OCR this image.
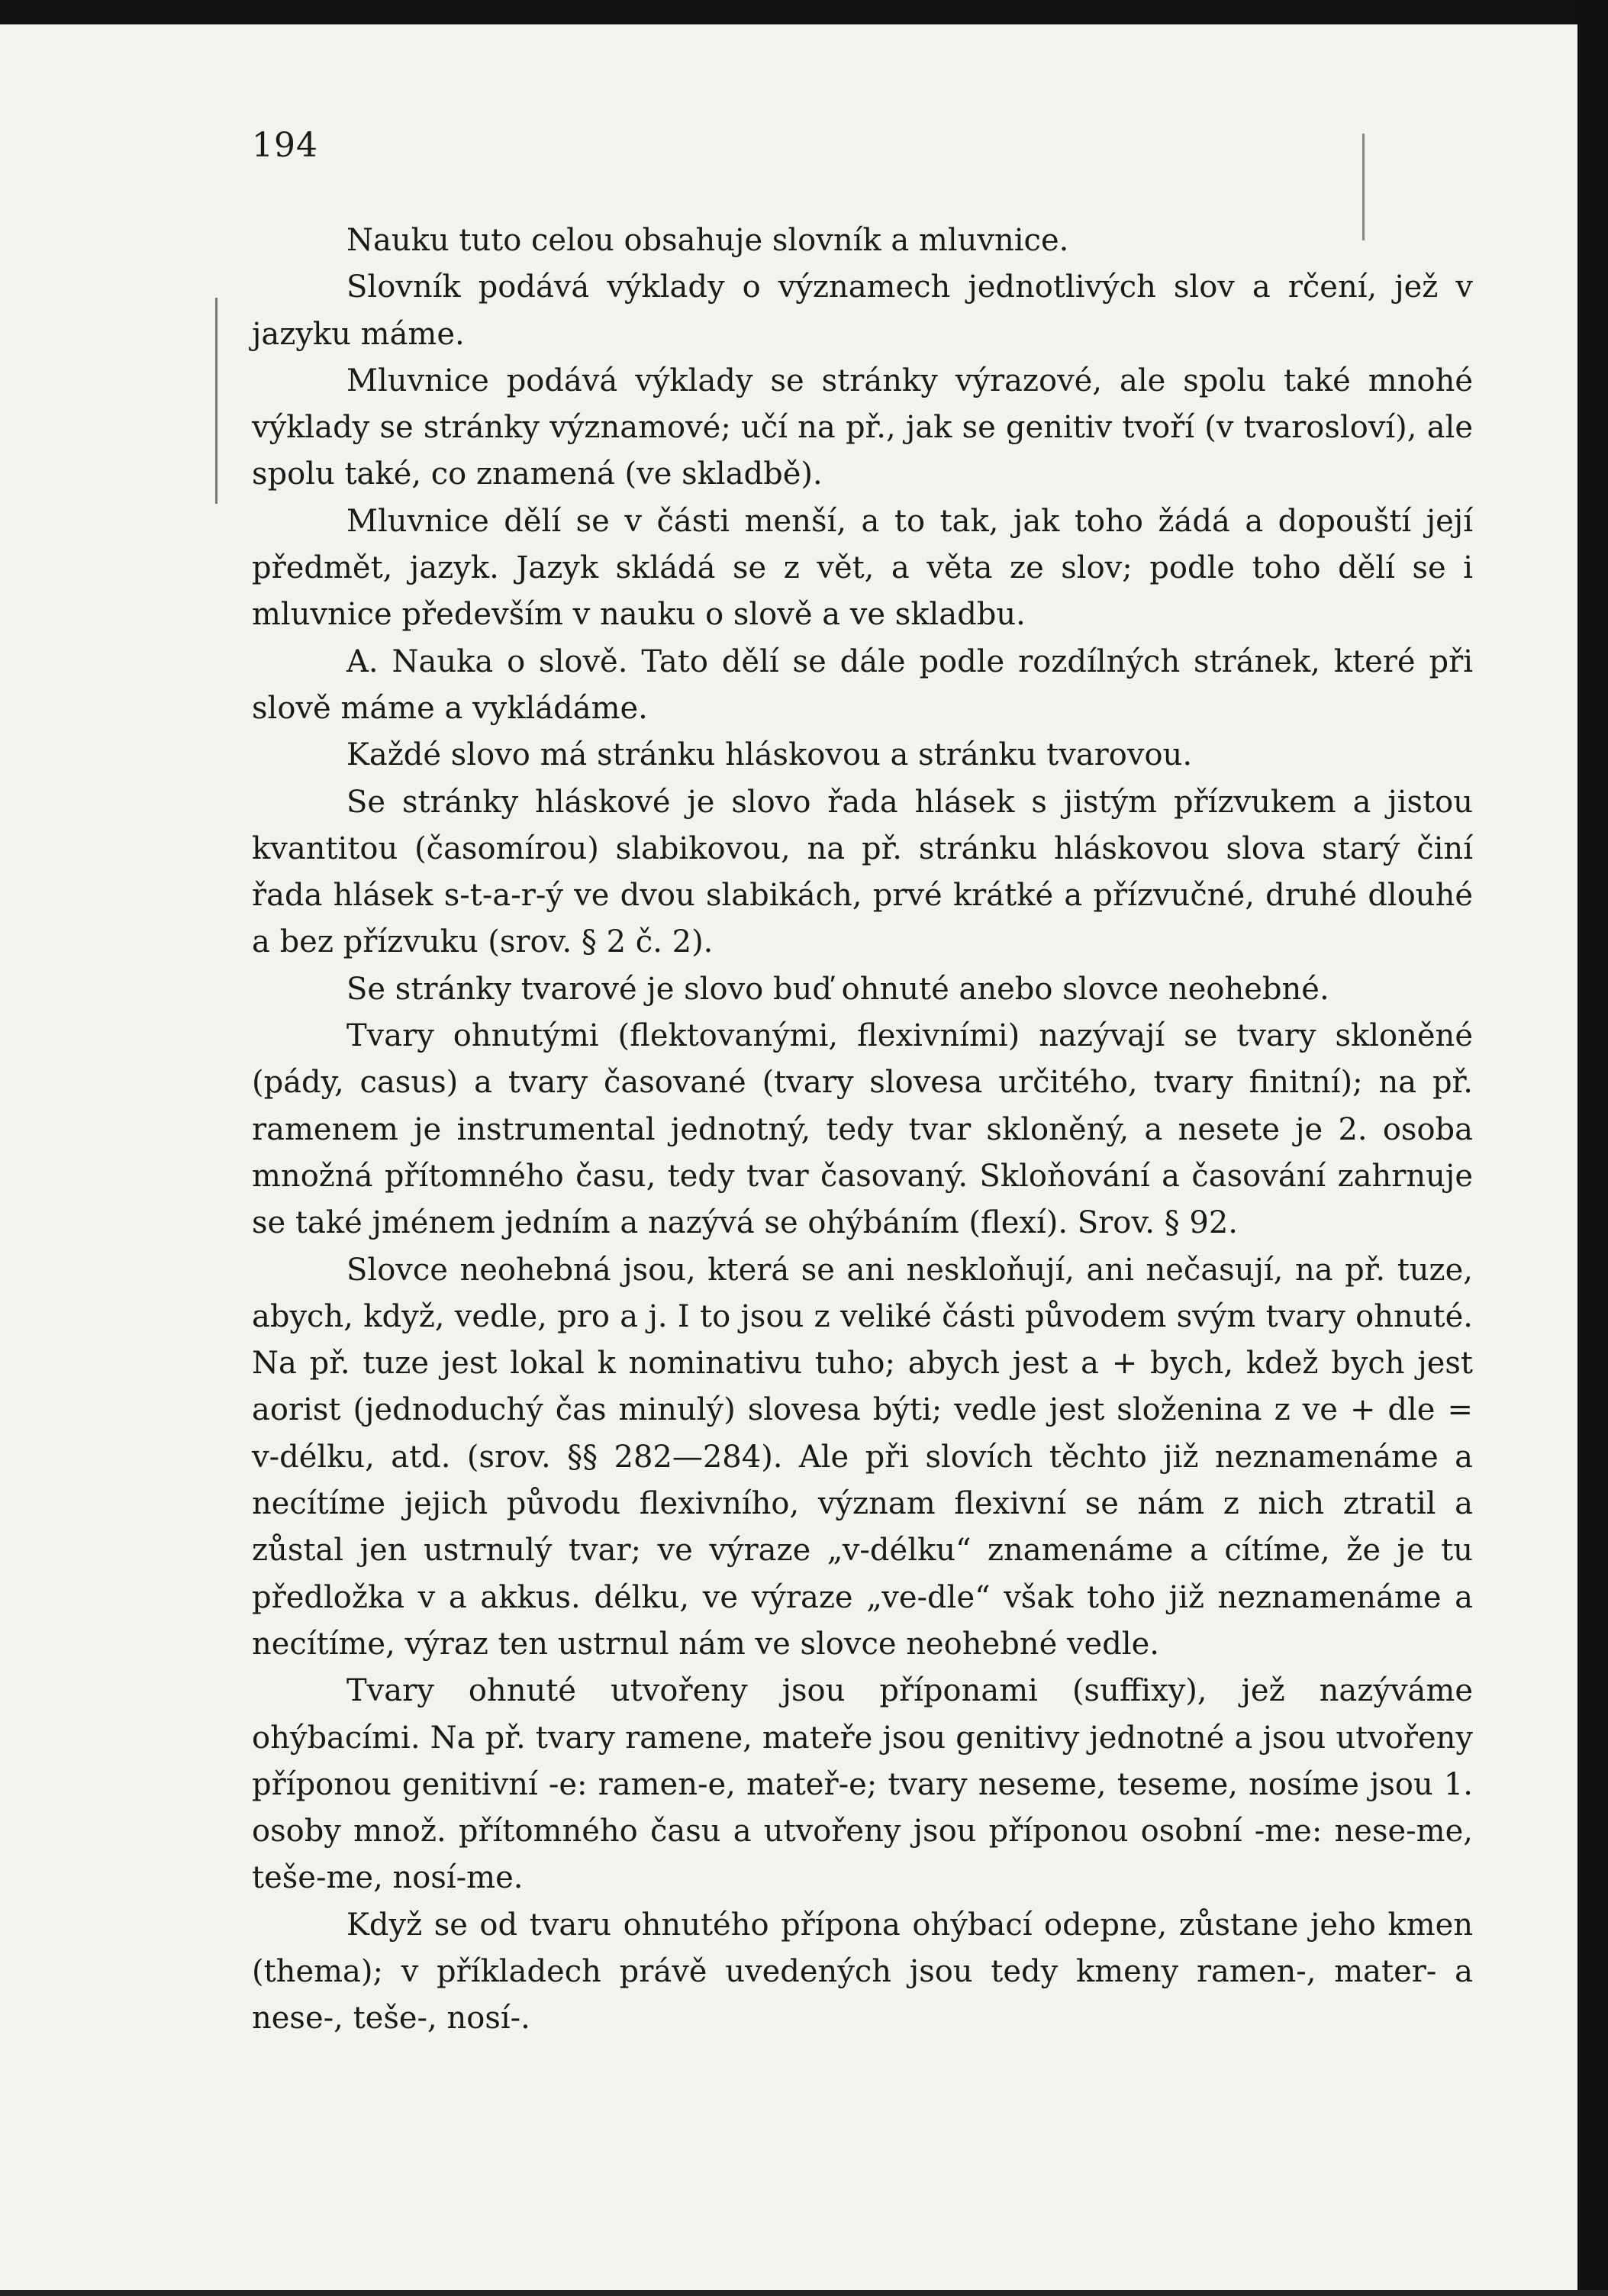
194

Nauku tuto celou obsahuje slovník a mluvnice.

Slovník podává výklady o významech jednotlivých slov a rčení, jež v jazyku máme.

Mluvnice podává výklady se stránky výrazové, ale spolu také mnohé výklady se stránky významové; učí na př., jak se genitiv tvoří (v tvarosloví), ale spolu také, co znamená (ve skladbě).

Mluvnice dělí se v části menší, a to tak, jak toho žádá a dopouští její předmět, jazyk. Jazyk skládá se z vět, a věta ze slov; podle toho dělí se i mluvnice především v nauku o slově a ve skladbu.

A. Nauka o slově. Tato dělí se dále podle rozdílných stránek, které při slově máme a vykládáme.

Každé slovo má stránku hláskovou a stránku tvarovou.

Se stránky hláskové je slovo řada hlásek s jistým přízvukem a jistou kvantitou (časomírou) slabikovou, na př. stránku hláskovou slova starý činí řada hlásek s-t-a-r-ý ve dvou slabikách, prvé krátké a přízvučné, druhé dlouhé a bez přízvuku (srov. § 2 č. 2).

Se stránky tvarové je slovo buď ohnuté anebo slovce neohebné.

Tvary ohnutými (flektovanými, flexivními) nazývají se tvary skloněné (pády, casus) a tvary časované (tvary slovesa určitého, tvary finitní); na př. ramenem je instrumental jednotný, tedy tvar skloněný, a nesete je 2. osoba množná přítomného času, tedy tvar časovaný. Skloňování a časování zahrnuje se také jménem jedním a nazývá se ohýbáním (flexí). Srov. § 92.

Slovce neohebná jsou, která se ani neskloňují, ani nečasují, na př. tuze, abych, když, vedle, pro a j. I to jsou z veliké části původem svým tvary ohnuté. Na př. tuze jest lokal k nominativu tuho; abych jest a + bych, kdež bych jest aorist (jednoduchý čas minulý) slovesa býti; vedle jest složenina z ve + dle = v-délku, atd. (srov. §§ 282—284). Ale při slovích těchto již neznamenáme a necítíme jejich původu flexivního, význam flexivní se nám z nich ztratil a zůstal jen ustrnulý tvar; ve výraze „v-délku“ znamenáme a cítíme, že je tu předložka v a akkus. délku, ve výraze „ve-dle“ však toho již neznamenáme a necítíme, výraz ten ustrnul nám ve slovce neohebné vedle.

Tvary ohnuté utvořeny jsou příponami (suffixy), jež nazýváme ohýbacími. Na př. tvary ramene, mateře jsou genitivy jednotné a jsou utvořeny příponou genitivní -e: ramen-e, mateř-e; tvary neseme, teseme, nosíme jsou 1. osoby množ. přítomného času a utvořeny jsou příponou osobní -me: nese-me, teše-me, nosí-me.

Když se od tvaru ohnutého přípona ohýbací odepne, zůstane jeho kmen (thema); v příkladech právě uvedených jsou tedy kmeny ramen-, mater- a nese-, teše-, nosí-.
